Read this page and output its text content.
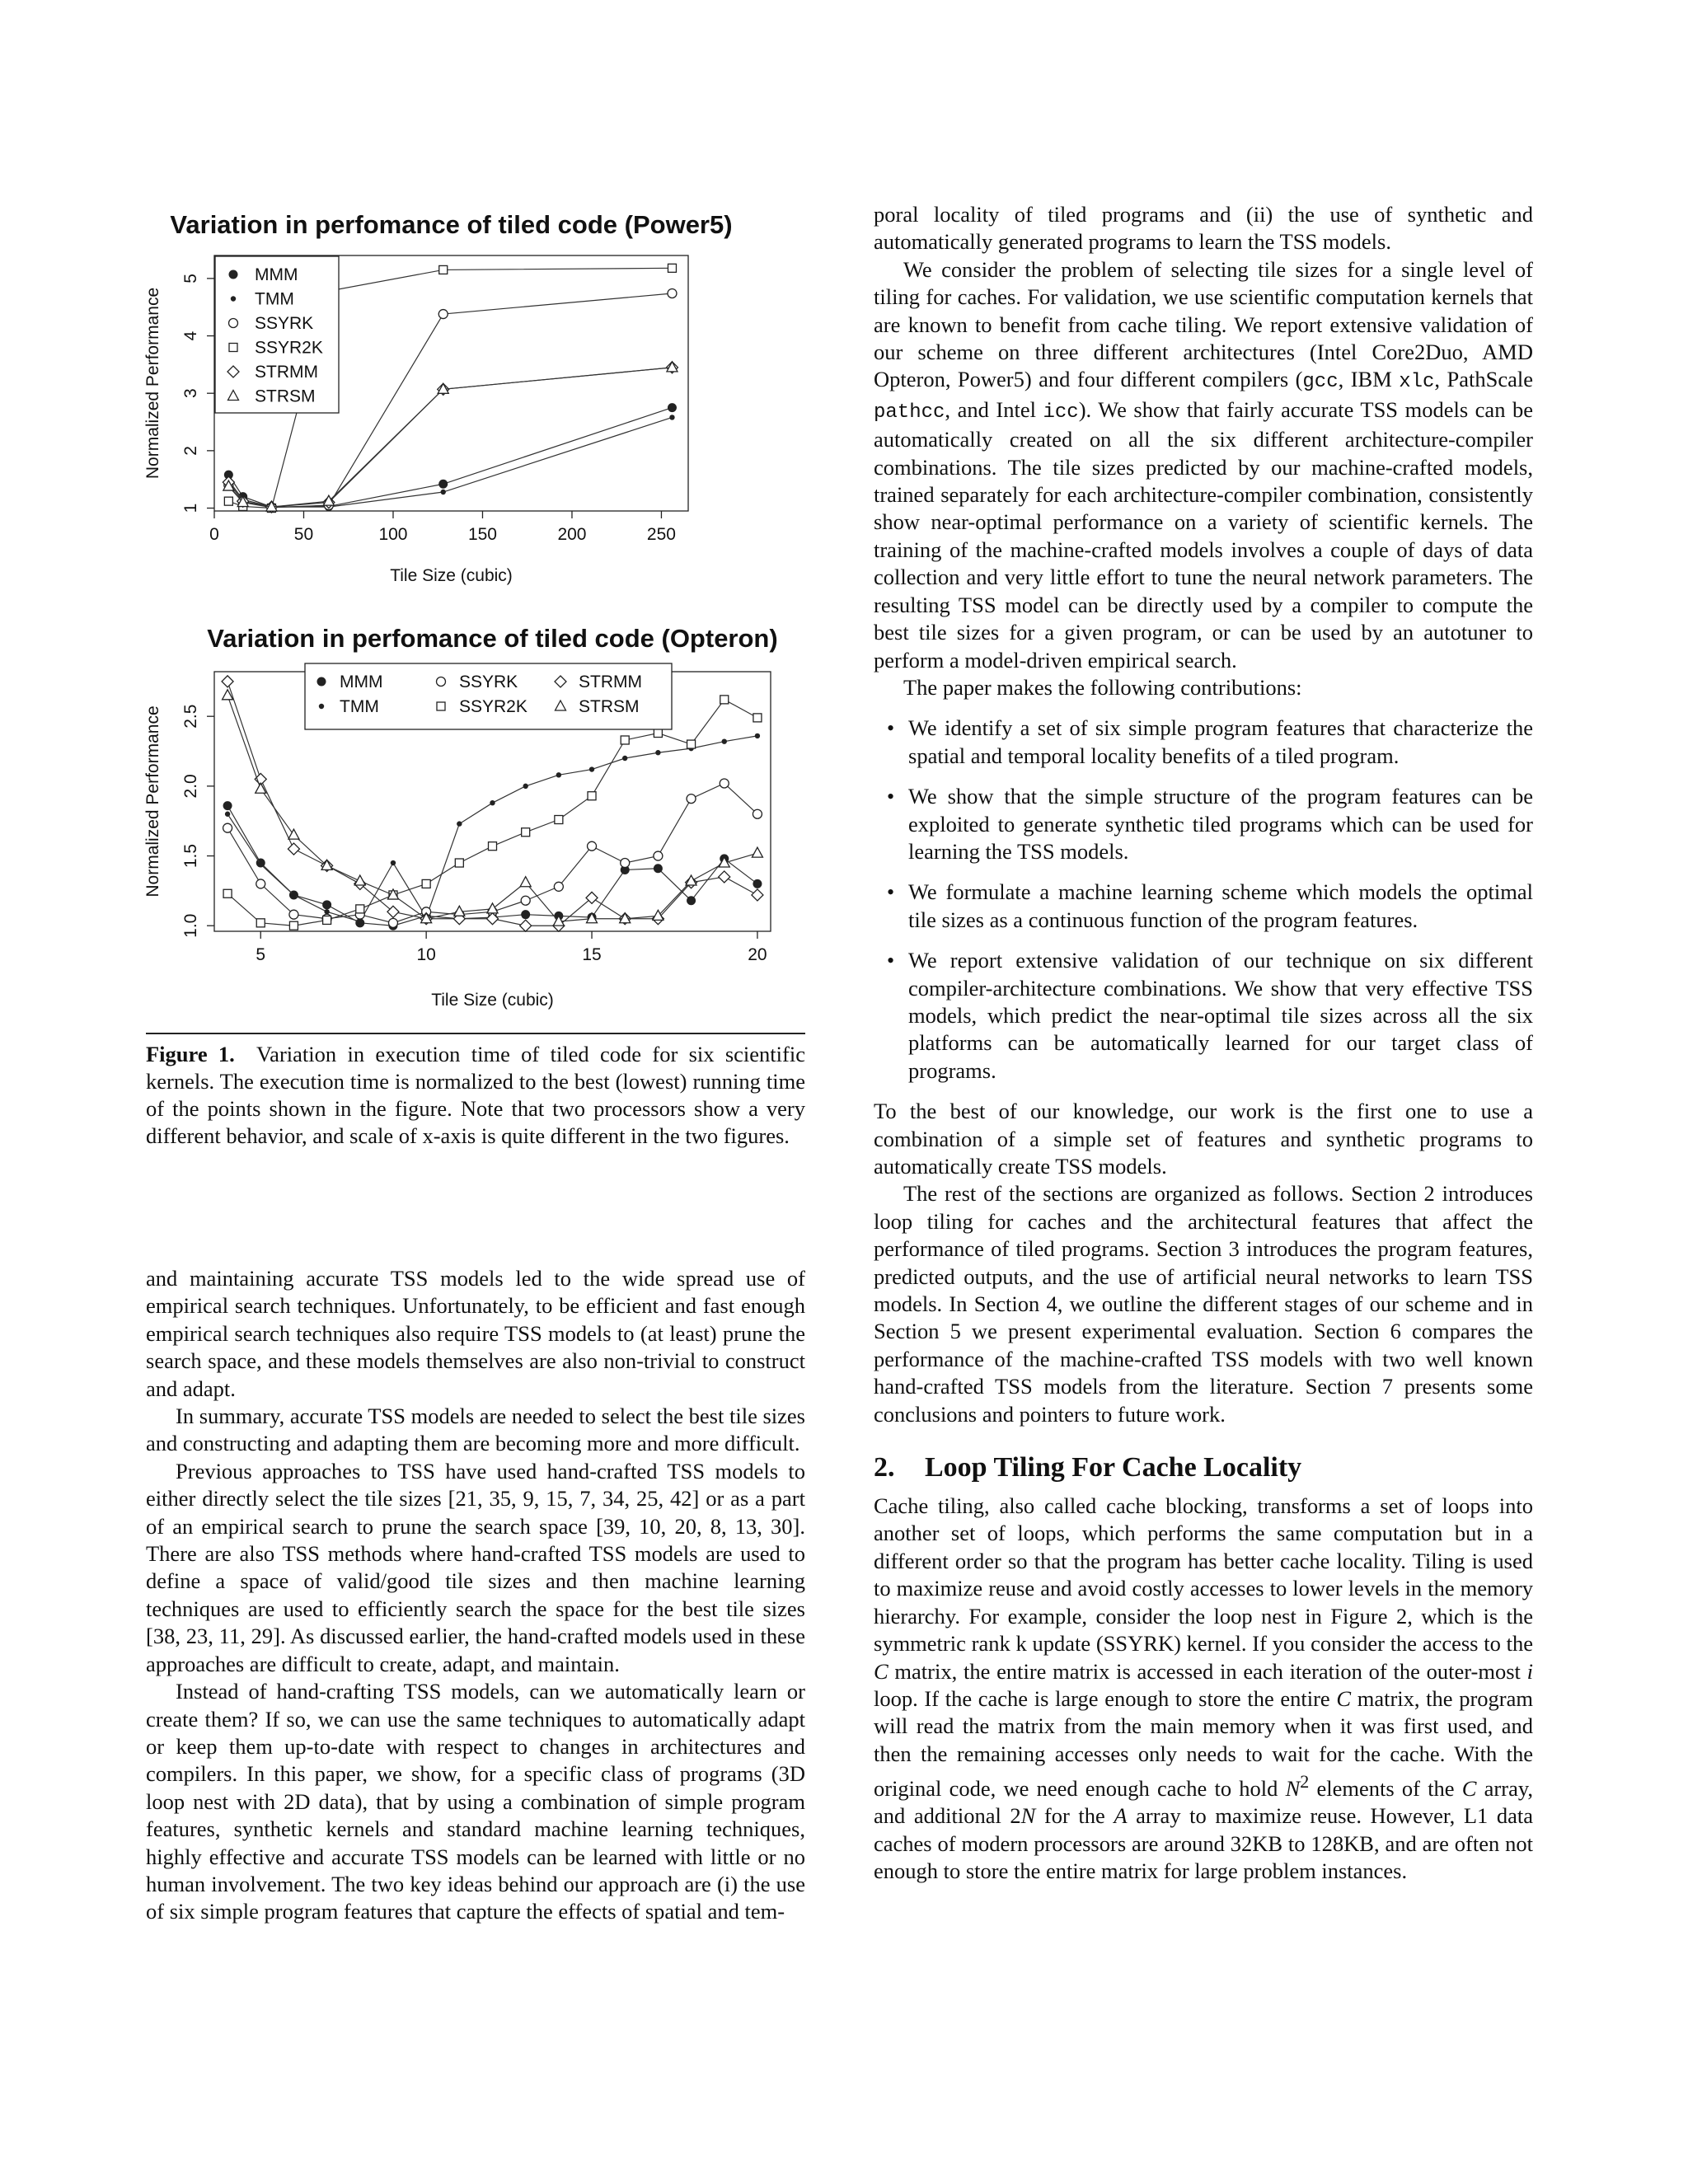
Variation in perfomance of tiled code (Power5)
0	50	100	150	200	250
1
2
3
4
5
Tile Size (cubic)
Normalized Performance
MMM
TMM
SSYRK
SSYR2K
STRMM
STRSM
Variation in perfomance of tiled code (Opteron)
5	10	15	20
1.0
1.5
2.0
2.5
Tile Size (cubic)
Normalized Performance
MMM
TMM
SSYRK
SSYR2K
STRMM
STRSM

Figure 1. Variation in execution time of tiled code for six scientific kernels. The execution time is normalized to the best (lowest) running time of the points shown in the figure. Note that two processors show a very different behavior, and scale of x-axis is quite different in the two figures.

and maintaining accurate TSS models led to the wide spread use of empirical search techniques. Unfortunately, to be efficient and fast enough empirical search techniques also require TSS models to (at least) prune the search space, and these models themselves are also non-trivial to construct and adapt.

In summary, accurate TSS models are needed to select the best tile sizes and constructing and adapting them are becoming more and more difficult.

Previous approaches to TSS have used hand-crafted TSS models to either directly select the tile sizes [21, 35, 9, 15, 7, 34, 25, 42] or as a part of an empirical search to prune the search space [39, 10, 20, 8, 13, 30]. There are also TSS methods where hand-crafted TSS models are used to define a space of valid/good tile sizes and then machine learning techniques are used to efficiently search the space for the best tile sizes [38, 23, 11, 29]. As discussed earlier, the hand-crafted models used in these approaches are difficult to create, adapt, and maintain.

Instead of hand-crafting TSS models, can we automatically learn or create them? If so, we can use the same techniques to automatically adapt or keep them up-to-date with respect to changes in architectures and compilers. In this paper, we show, for a specific class of programs (3D loop nest with 2D data), that by using a combination of simple program features, synthetic kernels and standard machine learning techniques, highly effective and accurate TSS models can be learned with little or no human involvement. The two key ideas behind our approach are (i) the use of six simple program features that capture the effects of spatial and tem-

poral locality of tiled programs and (ii) the use of synthetic and automatically generated programs to learn the TSS models.

We consider the problem of selecting tile sizes for a single level of tiling for caches. For validation, we use scientific computation kernels that are known to benefit from cache tiling. We report extensive validation of our scheme on three different architectures (Intel Core2Duo, AMD Opteron, Power5) and four different compilers (gcc, IBM xlc, PathScale pathcc, and Intel icc). We show that fairly accurate TSS models can be automatically created on all the six different architecture-compiler combinations. The tile sizes predicted by our machine-crafted models, trained separately for each architecture-compiler combination, consistently show near-optimal performance on a variety of scientific kernels. The training of the machine-crafted models involves a couple of days of data collection and very little effort to tune the neural network parameters. The resulting TSS model can be directly used by a compiler to compute the best tile sizes for a given program, or can be used by an autotuner to perform a model-driven empirical search.

The paper makes the following contributions:

• We identify a set of six simple program features that characterize the spatial and temporal locality benefits of a tiled program.
• We show that the simple structure of the program features can be exploited to generate synthetic tiled programs which can be used for learning the TSS models.
• We formulate a machine learning scheme which models the optimal tile sizes as a continuous function of the program features.
• We report extensive validation of our technique on six different compiler-architecture combinations. We show that very effective TSS models, which predict the near-optimal tile sizes across all the six platforms can be automatically learned for our target class of programs.

To the best of our knowledge, our work is the first one to use a combination of a simple set of features and synthetic programs to automatically create TSS models.

The rest of the sections are organized as follows. Section 2 introduces loop tiling for caches and the architectural features that affect the performance of tiled programs. Section 3 introduces the program features, predicted outputs, and the use of artificial neural networks to learn TSS models. In Section 4, we outline the different stages of our scheme and in Section 5 we present experimental evaluation. Section 6 compares the performance of the machine-crafted TSS models with two well known hand-crafted TSS models from the literature. Section 7 presents some conclusions and pointers to future work.

2. Loop Tiling For Cache Locality

Cache tiling, also called cache blocking, transforms a set of loops into another set of loops, which performs the same computation but in a different order so that the program has better cache locality. Tiling is used to maximize reuse and avoid costly accesses to lower levels in the memory hierarchy. For example, consider the loop nest in Figure 2, which is the symmetric rank k update (SSYRK) kernel. If you consider the access to the C matrix, the entire matrix is accessed in each iteration of the outer-most i loop. If the cache is large enough to store the entire C matrix, the program will read the matrix from the main memory when it was first used, and then the remaining accesses only needs to wait for the cache. With the original code, we need enough cache to hold $N^2$ elements of the C array, and additional 2N for the A array to maximize reuse. However, L1 data caches of modern processors are around 32KB to 128KB, and are often not enough to store the entire matrix for large problem instances.
